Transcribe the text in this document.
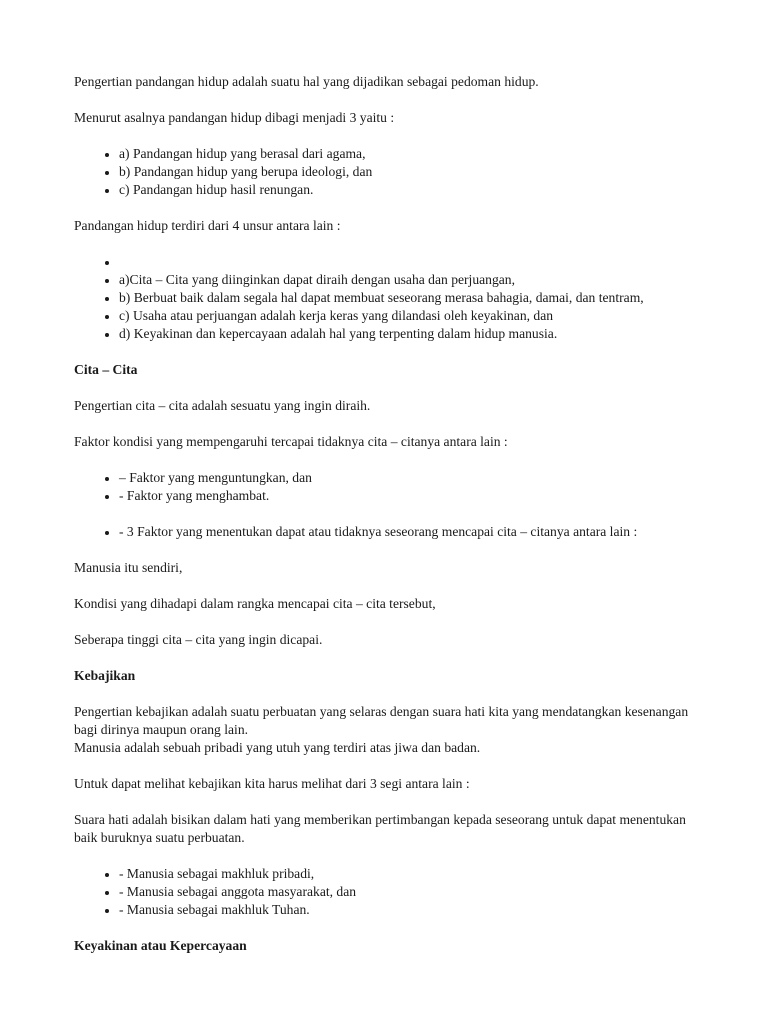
Pengertian pandangan hidup adalah suatu hal yang dijadikan sebagai pedoman hidup.

Menurut asalnya pandangan hidup dibagi menjadi 3 yaitu :

• a) Pandangan hidup yang berasal dari agama,
• b) Pandangan hidup yang berupa ideologi, dan
• c) Pandangan hidup hasil renungan.

Pandangan hidup terdiri dari 4 unsur antara lain :

•
• a)Cita – Cita yang diinginkan dapat diraih dengan usaha dan perjuangan,
• b) Berbuat baik dalam segala hal dapat membuat seseorang merasa bahagia, damai, dan tentram,
• c) Usaha atau perjuangan adalah kerja keras yang dilandasi oleh keyakinan, dan
• d) Keyakinan dan kepercayaan adalah hal yang terpenting dalam hidup manusia.
Cita – Cita

Pengertian cita – cita adalah sesuatu yang ingin diraih.

Faktor kondisi yang mempengaruhi tercapai tidaknya cita – citanya antara lain :

• – Faktor yang menguntungkan, dan
• - Faktor yang menghambat.
• - 3 Faktor yang menentukan dapat atau tidaknya seseorang mencapai cita – citanya antara lain :

Manusia itu sendiri,

Kondisi yang dihadapi dalam rangka mencapai cita – cita tersebut,

Seberapa tinggi cita – cita yang ingin dicapai.

Kebajikan

Pengertian kebajikan adalah suatu perbuatan yang selaras dengan suara hati kita yang mendatangkan kesenangan bagi dirinya maupun orang lain.
Manusia adalah sebuah pribadi yang utuh yang terdiri atas jiwa dan badan.

Untuk dapat melihat kebajikan kita harus melihat dari 3 segi antara lain :

Suara hati adalah bisikan dalam hati yang memberikan pertimbangan kepada seseorang untuk dapat menentukan baik buruknya suatu perbuatan.

• - Manusia sebagai makhluk pribadi,
• - Manusia sebagai anggota masyarakat, dan
• - Manusia sebagai makhluk Tuhan.
Keyakinan atau Kepercayaan
